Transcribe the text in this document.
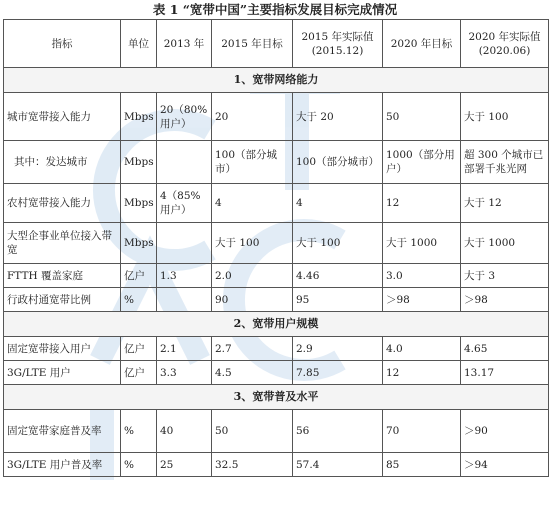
表 1 “宽带中国”主要指标发展目标完成情况
指标	单位	2013 年	2015 年目标	2015 年实际值 (2015.12)	2020 年目标	2020 年实际值 (2020.06)
1、宽带网络能力						
城市宽带接入能力	Mbps	20（80% 用户）	20	大于 20	50	大于 100
其中：发达城市	Mbps		100（部分城市）	100（部分城市）	1000（部分用户）	超 300 个城市已部署千兆光网
农村宽带接入能力	Mbps	4（85% 用户）	4	4	12	大于 12
大型企事业单位接入带宽	Mbps		大于 100	大于 100	大于 1000	大于 1000
FTTH 覆盖家庭	亿户	1.3	2.0	4.46	3.0	大于 3
行政村通宽带比例	%		90	95	＞98	＞98
2、宽带用户规模						
固定宽带接入用户	亿户	2.1	2.7	2.9	4.0	4.65
3G/LTE 用户	亿户	3.3	4.5	7.85	12	13.17
3、宽带普及水平						
固定宽带家庭普及率	%	40	50	56	70	＞90
3G/LTE 用户普及率	%	25	32.5	57.4	85	＞94
